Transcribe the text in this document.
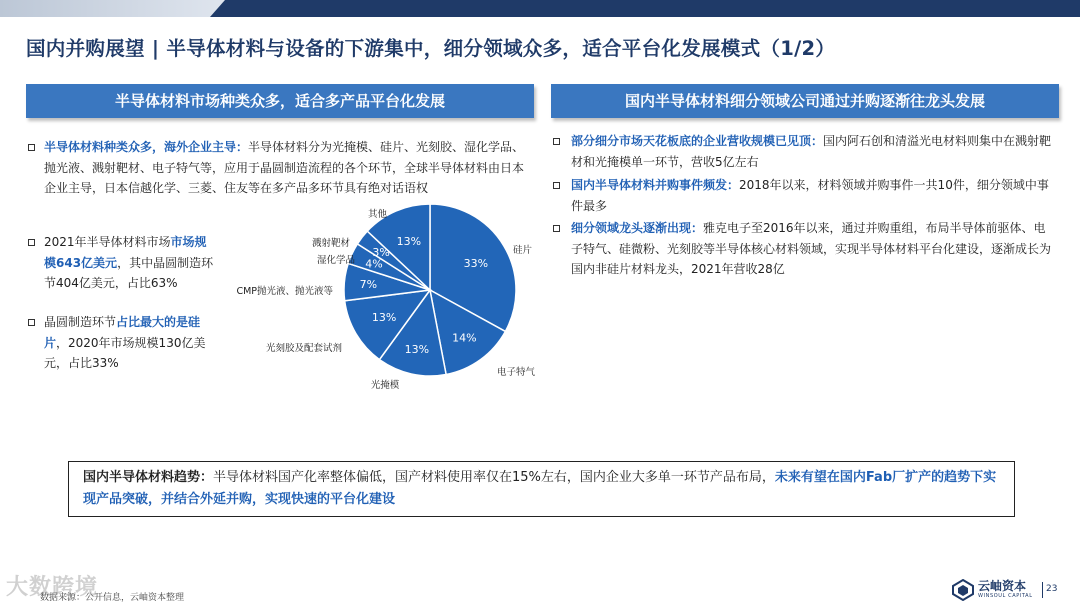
国内并购展望 | 半导体材料与设备的下游集中，细分领域众多，适合平台化发展模式（1/2）
半导体材料市场种类众多，适合多产品平台化发展	国内半导体材料细分领域公司通过并购逐渐往龙头发展
半导体材料种类众多，海外企业主导：半导体材料分为光掩模、硅片、光刻胶、湿化学品、抛光液、溅射靶材、电子特气等，应用于晶圆制造流程的各个环节，全球半导体材料由日本企业主导，日本信越化学、三菱、住友等在多产品多环节具有绝对话语权
2021年半导体材料市场市场规模643亿美元，其中晶圆制造环节404亿美元，占比63%
晶圆制造环节占比最大的是硅片，2020年市场规模130亿美元，占比33%
33%
硅片
14%
电子特气
13%
光掩模
13%
光刻胶及配套试剂
7%
CMP抛光液、抛光液等
4%
湿化学品
3%
溅射靶材	13%
其他
部分细分市场天花板底的企业营收规模已见顶：国内阿石创和清溢光电材料则集中在溅射靶材和光掩模单一环节，营收5亿左右
国内半导体材料并购事件频发：2018年以来，材料领域并购事件一共10件，细分领域中事件最多
细分领域龙头逐渐出现：雅克电子至2016年以来，通过并购重组，布局半导体前驱体、电子特气、硅微粉、光刻胶等半导体核心材料领域，实现半导体材料平台化建设，逐渐成长为国内非硅片材料龙头，2021年营收28亿
国内半导体材料趋势：半导体材料国产化率整体偏低，国产材料使用率仅在15%左右，国内企业大多单一环节产品布局，未来有望在国内Fab厂扩产的趋势下实现产品突破，并结合外延并购，实现快速的平台化建设
大数跨境
数据来源：公开信息，云岫资本整理
云岫资本
WINSOUL CAPITAL
23
